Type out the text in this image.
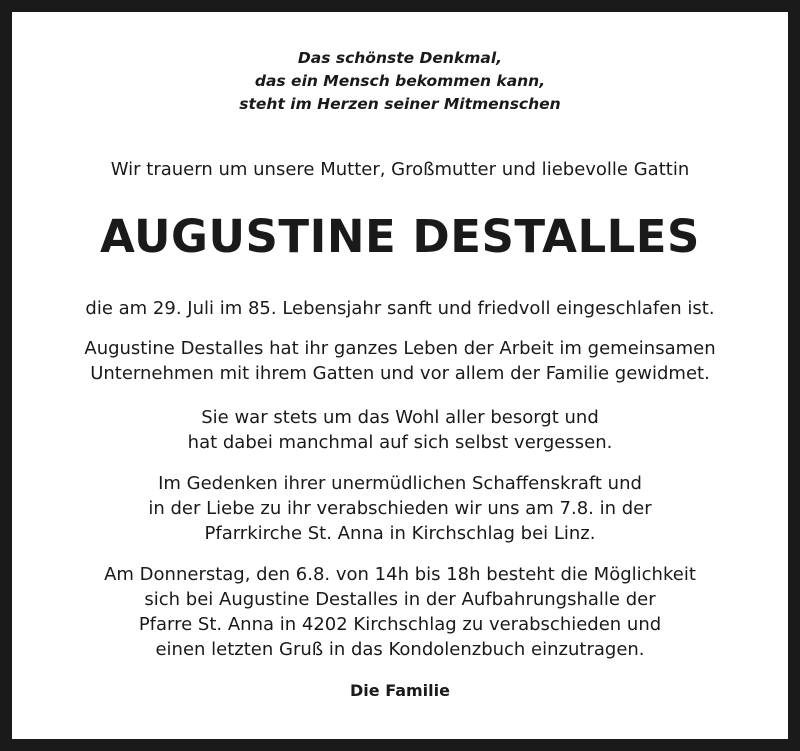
Das schönste Denkmal,
das ein Mensch bekommen kann,
steht im Herzen seiner Mitmenschen
Wir trauern um unsere Mutter, Großmutter und liebevolle Gattin
AUGUSTINE DESTALLES
die am 29. Juli im 85. Lebensjahr sanft und friedvoll eingeschlafen ist.
Augustine Destalles hat ihr ganzes Leben der Arbeit im gemeinsamen
Unternehmen mit ihrem Gatten und vor allem der Familie gewidmet.
Sie war stets um das Wohl aller besorgt und
hat dabei manchmal auf sich selbst vergessen.
Im Gedenken ihrer unermüdlichen Schaffenskraft und
in der Liebe zu ihr verabschieden wir uns am 7.8. in der
Pfarrkirche St. Anna in Kirchschlag bei Linz.
Am Donnerstag, den 6.8. von 14h bis 18h besteht die Möglichkeit
sich bei Augustine Destalles in der Aufbahrungshalle der
Pfarre St. Anna in 4202 Kirchschlag zu verabschieden und
einen letzten Gruß in das Kondolenzbuch einzutragen.
Die Familie
